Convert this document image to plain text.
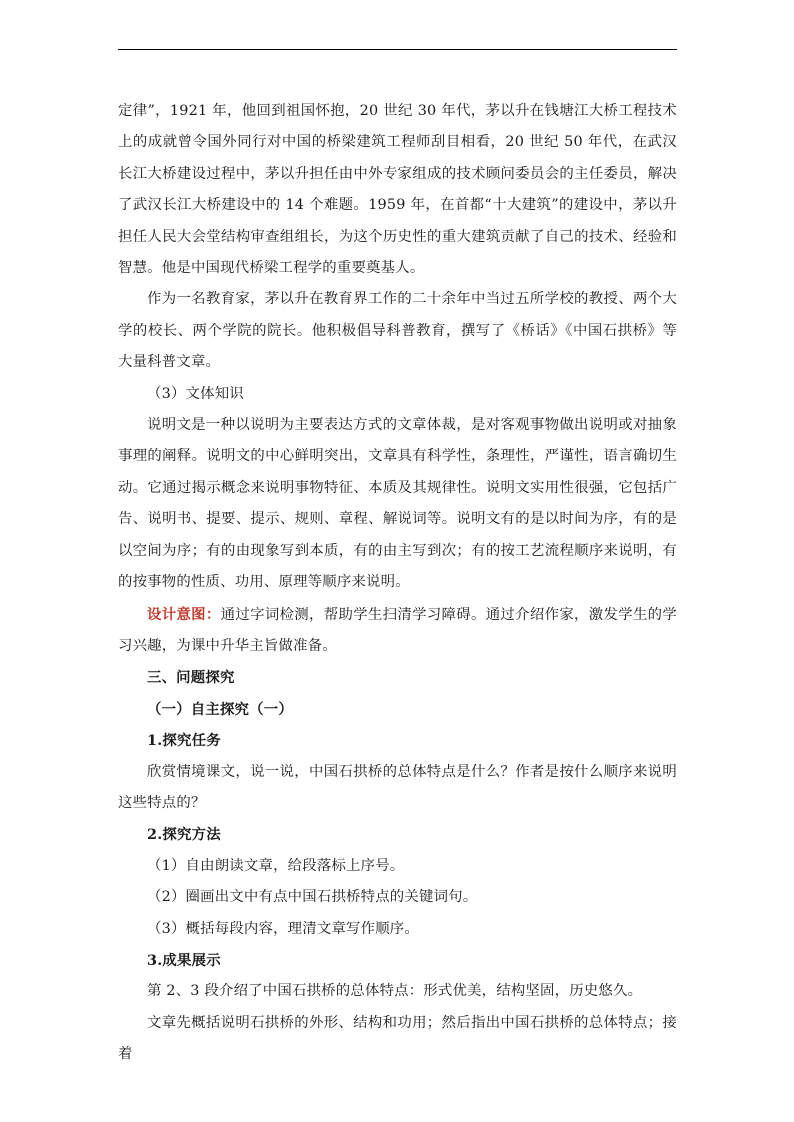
定律”，1921 年，他回到祖国怀抱，20 世纪 30 年代，茅以升在钱塘江大桥工程技术上的成就曾令国外同行对中国的桥梁建筑工程师刮目相看，20 世纪 50 年代，在武汉长江大桥建设过程中，茅以升担任由中外专家组成的技术顾问委员会的主任委员，解决了武汉长江大桥建设中的 14 个难题。1959 年，在首都“十大建筑”的建设中，茅以升担任人民大会堂结构审查组组长，为这个历史性的重大建筑贡献了自己的技术、经验和智慧。他是中国现代桥梁工程学的重要奠基人。

作为一名教育家，茅以升在教育界工作的二十余年中当过五所学校的教授、两个大学的校长、两个学院的院长。他积极倡导科普教育，撰写了《桥话》《中国石拱桥》等大量科普文章。

（3）文体知识

说明文是一种以说明为主要表达方式的文章体裁，是对客观事物做出说明或对抽象事理的阐释。说明文的中心鲜明突出，文章具有科学性，条理性，严谨性，语言确切生动。它通过揭示概念来说明事物特征、本质及其规律性。说明文实用性很强，它包括广告、说明书、提要、提示、规则、章程、解说词等。说明文有的是以时间为序，有的是以空间为序；有的由现象写到本质，有的由主写到次；有的按工艺流程顺序来说明，有的按事物的性质、功用、原理等顺序来说明。

设计意图：通过字词检测，帮助学生扫清学习障碍。通过介绍作家，激发学生的学习兴趣，为课中升华主旨做准备。

三、问题探究

（一）自主探究（一）

1.探究任务

欣赏情境课文，说一说，中国石拱桥的总体特点是什么？作者是按什么顺序来说明这些特点的？

2.探究方法

（1）自由朗读文章，给段落标上序号。

（2）圈画出文中有点中国石拱桥特点的关键词句。

（3）概括每段内容，理清文章写作顺序。

3.成果展示

第 2、3 段介绍了中国石拱桥的总体特点：形式优美，结构坚固，历史悠久。

文章先概括说明石拱桥的外形、结构和功用；然后指出中国石拱桥的总体特点；接着
